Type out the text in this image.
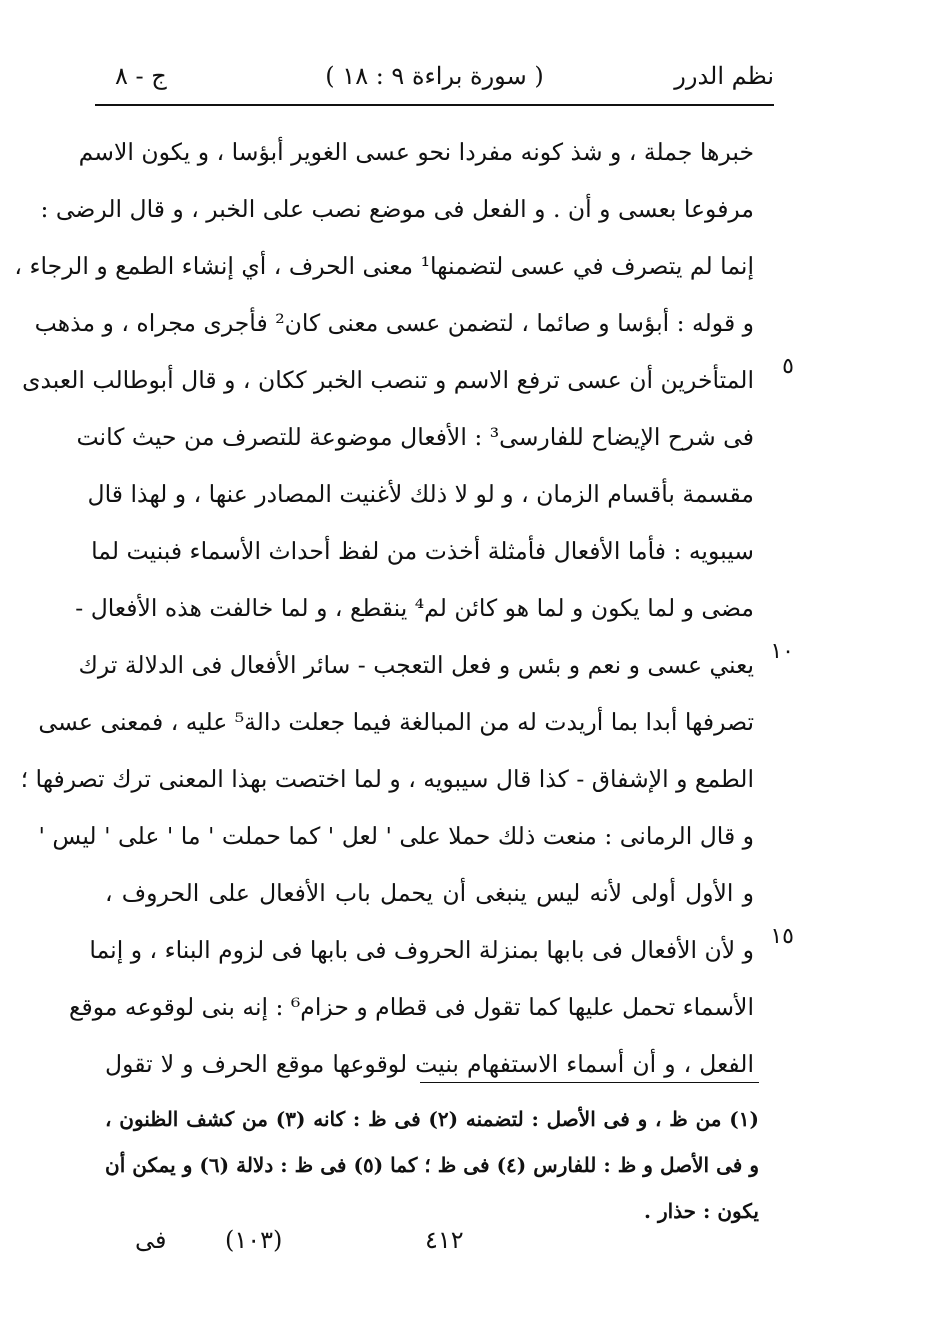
نظم الدرر
( سورة براءة ٩ : ١٨ )
ج - ٨
خبرها جملة ، و شذ كونه مفردا نحو عسى الغوير أبؤسا ، و يكون الاسم
مرفوعا بعسى و أن . و الفعل فى موضع نصب على الخبر ، و قال الرضى :
إنما لم يتصرف في عسى لتضمنها¹ معنى الحرف ، أي إنشاء الطمع و الرجاء ،
و قوله : أبؤسا و صائما ، لتضمن عسى معنى كان² فأجرى مجراه ، و مذهب
المتأخرين أن عسى ترفع الاسم و تنصب الخبر ككان ، و قال أبوطالب العبدى
فى شرح الإيضاح للفارسى³ : الأفعال موضوعة للتصرف من حيث كانت
مقسمة بأقسام الزمان ، و لو لا ذلك لأغنيت المصادر عنها ، و لهذا قال
سيبويه : فأما الأفعال فأمثلة أخذت من لفظ أحداث الأسماء فبنيت لما
مضى و لما يكون و لما هو كائن لم⁴ ينقطع ، و لما خالفت هذه الأفعال -
يعني عسى و نعم و بئس و فعل التعجب - سائر الأفعال فى الدلالة ترك
تصرفها أبدا بما أريدت له من المبالغة فيما جعلت دالة⁵ عليه ، فمعنى عسى
الطمع و الإشفاق - كذا قال سيبويه ، و لما اختصت بهذا المعنى ترك تصرفها ؛
و قال الرمانى : منعت ذلك حملا على ' لعل ' كما حملت ' ما ' على ' ليس '
و الأول أولى لأنه ليس ينبغى أن يحمل باب الأفعال على الحروف ،
و لأن الأفعال فى بابها بمنزلة الحروف فى بابها فى لزوم البناء ، و إنما
الأسماء تحمل عليها كما تقول فى قطام و حزام⁶ : إنه بنى لوقوعه موقع
الفعل ، و أن أسماء الاستفهام بنيت لوقوعها موقع الحرف و لا تقول
٥
١٠
١٥
(١) من ظ ، و فى الأصل : لتضمنه (٢) فى ظ : كانه (٣) من كشف الظنون ،
و فى الأصل و ظ : للفارس (٤) فى ظ ؛ كما (٥) فى ظ : دلالة (٦) و يمكن أن
يكون : حذار .
فى (١٠٣)	٤١٢
